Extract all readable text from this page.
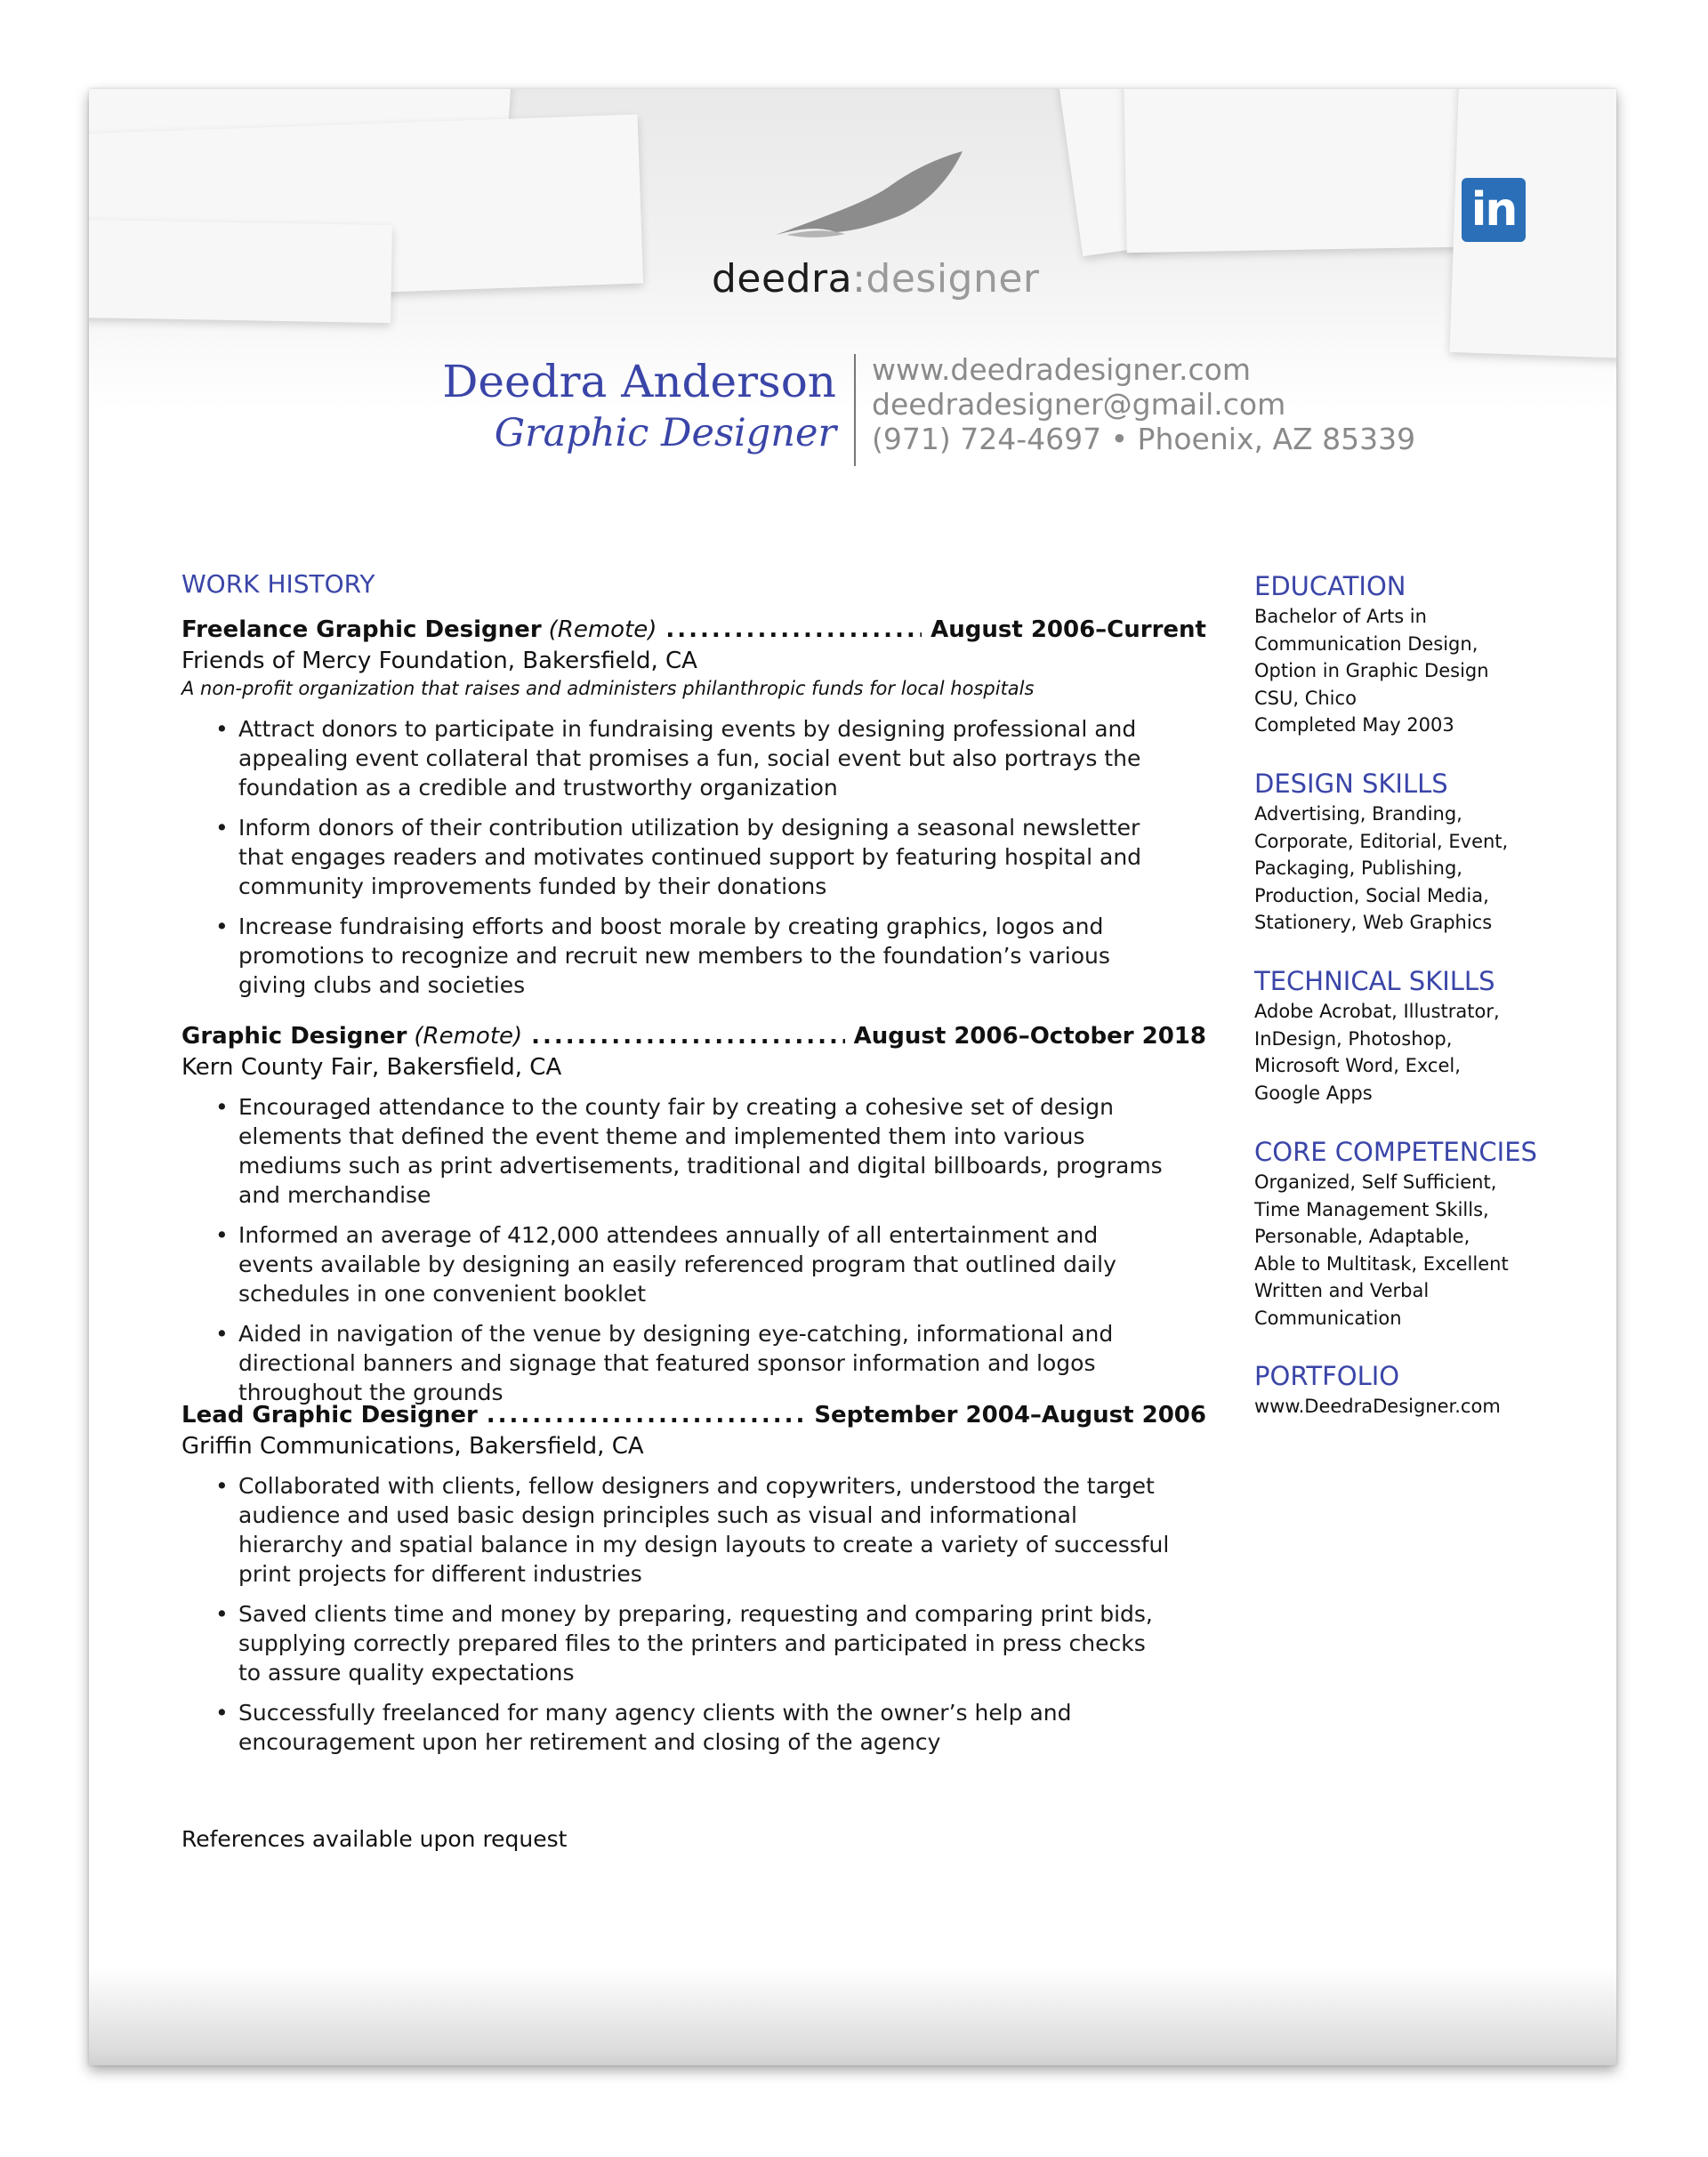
deedra:designer
in
Deedra Anderson
Graphic Designer
www.deedradesigner.com
deedradesigner@gmail.com
(971) 724-4697 • Phoenix, AZ 85339
WORK HISTORY
Freelance Graphic Designer (Remote) .....	August 2006–Current
Friends of Mercy Foundation, Bakersfield, CA
A non-profit organization that raises and administers philanthropic funds for local hospitals
• Attract donors to participate in fundraising events by designing professional and appealing event collateral that promises a fun, social event but also portrays the foundation as a credible and trustworthy organization
• Inform donors of their contribution utilization by designing a seasonal newsletter that engages readers and motivates continued support by featuring hospital and community improvements funded by their donations
• Increase fundraising efforts and boost morale by creating graphics, logos and promotions to recognize and recruit new members to the foundation’s various giving clubs and societies
Graphic Designer (Remote) .....	August 2006–October 2018
Kern County Fair, Bakersfield, CA
• Encouraged attendance to the county fair by creating a cohesive set of design elements that defined the event theme and implemented them into various mediums such as print advertisements, traditional and digital billboards, programs and merchandise
• Informed an average of 412,000 attendees annually of all entertainment and events available by designing an easily referenced program that outlined daily schedules in one convenient booklet
• Aided in navigation of the venue by designing eye-catching, informational and directional banners and signage that featured sponsor information and logos throughout the grounds
Lead Graphic Designer .....	September 2004–August 2006
Griffin Communications, Bakersfield, CA
• Collaborated with clients, fellow designers and copywriters, understood the target audience and used basic design principles such as visual and informational hierarchy and spatial balance in my design layouts to create a variety of successful print projects for different industries
• Saved clients time and money by preparing, requesting and comparing print bids, supplying correctly prepared files to the printers and participated in press checks to assure quality expectations
• Successfully freelanced for many agency clients with the owner’s help and encouragement upon her retirement and closing of the agency
References available upon request
EDUCATION
Bachelor of Arts in
Communication Design,
Option in Graphic Design
CSU, Chico
Completed May 2003
DESIGN SKILLS
Advertising, Branding,
Corporate, Editorial, Event,
Packaging, Publishing,
Production, Social Media,
Stationery, Web Graphics
TECHNICAL SKILLS
Adobe Acrobat, Illustrator,
InDesign, Photoshop,
Microsoft Word, Excel,
Google Apps
CORE COMPETENCIES
Organized, Self Sufficient,
Time Management Skills,
Personable, Adaptable,
Able to Multitask, Excellent
Written and Verbal
Communication
PORTFOLIO
www.DeedraDesigner.com
